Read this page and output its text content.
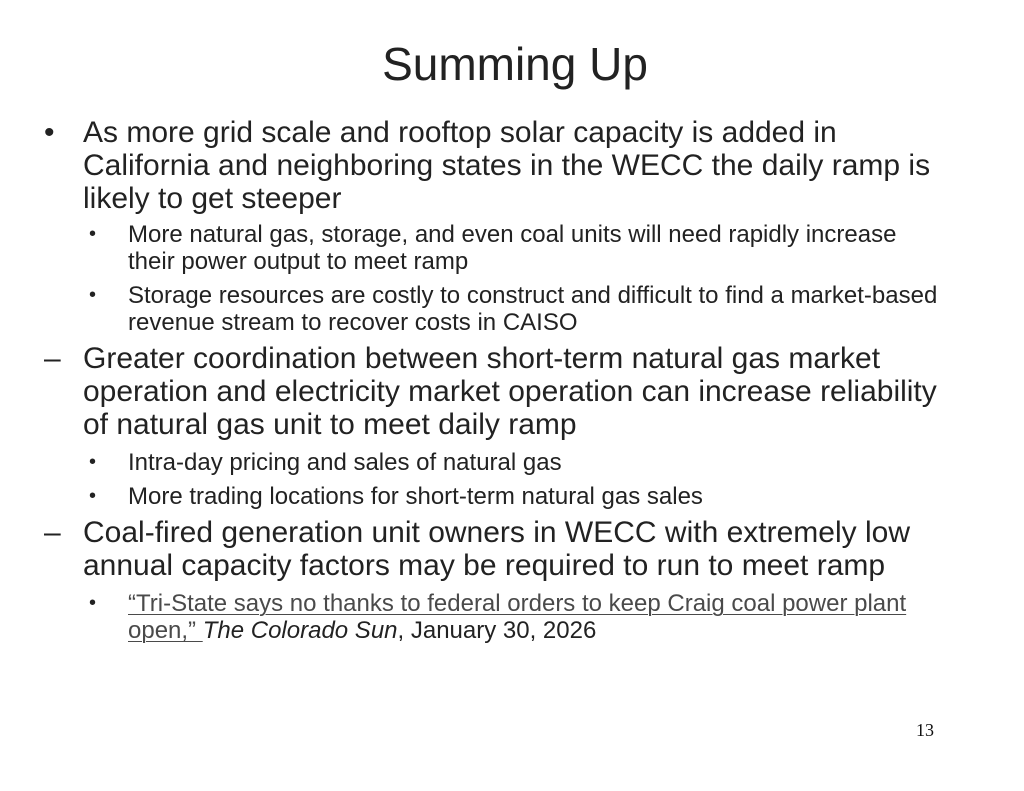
Summing Up
• As more grid scale and rooftop solar capacity is added in California and neighboring states in the WECC the daily ramp is likely to get steeper
• More natural gas, storage, and even coal units will need rapidly increase their power output to meet ramp
• Storage resources are costly to construct and difficult to find a market-based revenue stream to recover costs in CAISO
– Greater coordination between short-term natural gas market operation and electricity market operation can increase reliability of natural gas unit to meet daily ramp
• Intra-day pricing and sales of natural gas
• More trading locations for short-term natural gas sales
– Coal-fired generation unit owners in WECC with extremely low annual capacity factors may be required to run to meet ramp
• “Tri-State says no thanks to federal orders to keep Craig coal power plant open,” The Colorado Sun, January 30, 2026
13
